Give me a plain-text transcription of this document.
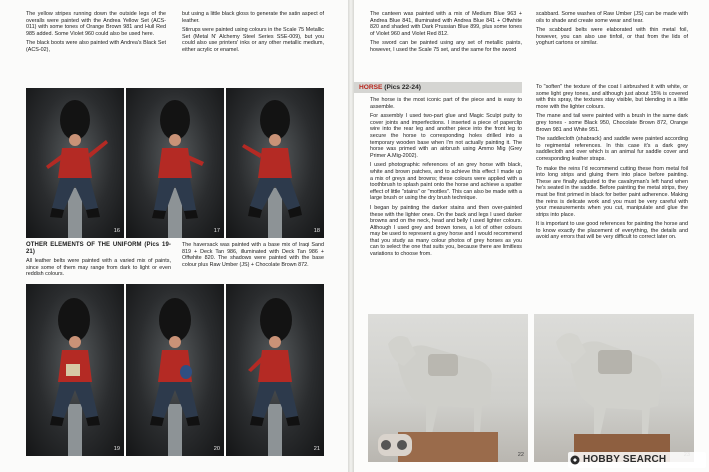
The yellow stripes running down the outside legs of the overalls were painted with the Andrea Yellow Set (ACS-011) with some tones of Orange Brown 981 and Hull Red 985 added. Some Violet 960 could also be used here.

The black boots were also painted with Andrea's Black Set (ACS-02),

but using a little black gloss to generate the satin aspect of leather.

Stirrups were painted using colours in the Scale 75 Metallic Set (Metal N' Alchemy Steel Series SSE-009), but you could also use printers' inks or any other metallic medium, either acrylic or enamel.

16	17	18

OTHER ELEMENTS OF THE UNIFORM (Pics 19-21)

All leather belts were painted with a varied mix of paints, since some of them may range from dark to light or even reddish colours.

The haversack was painted with a base mix of Iraqi Sand 819 + Deck Tan 986, illuminated with Deck Tan 986 + Offwhite 820. The shadows were painted with the base colour plus Raw Umber (JS) + Chocolate Brown 872.

19	20	21

The canteen was painted with a mix of Medium Blue 963 + Andrea Blue 841, illuminated with Andrea Blue 841 + Offwhite 820 and shaded with Dark Prussian Blue 899, plus some tones of Violet 960 and Violet Red 812.

The sword can be painted using any set of metallic paints, however, I used the Scale 75 set, and the same for the sword

scabbard. Some washes of Raw Umber (JS) can be made with oils to shade and create some wear and tear.

The scabbard belts were elaborated with thin metal foil, however, you can also use tinfoil, or that from the lids of yoghurt cartons or similar.

HORSE (Pics 22-24)

The horse is the most iconic part of the piece and is easy to assemble.

For assembly I used two-part glue and Magic Sculpt putty to cover joints and imperfections. I inserted a piece of paperclip wire into the rear leg and another piece into the front leg to secure the horse to corresponding holes drilled into a temporary wooden base when I'm not actually painting it. The horse was primed with an airbrush using Ammo Mig (Grey Primer A.Mig-2002).

I used photographic references of an grey horse with black, white and brown patches, and to achieve this effect I made up a mix of greys and browns; these colours were applied with a toothbrush to splash paint onto the horse and achieve a spatter effect of little "stains" or "mottles". This can also be made with a large brush or using the dry brush technique.

I began by painting the darker stains and then over-painted these with the lighter ones. On the back and legs I used darker browns and on the neck, head and belly I used lighter colours. Although I used grey and brown tones, a lot of other colours may be used to represent a grey horse and I would recommend that you study as many colour photos of grey horses as you can to select the one that suits you, because there are limitless variations to choose from.

To "soften" the texture of the coat I airbrushed it with white, or some light grey tones, and although just about 15% is covered with this spray, the textures stay visible, but blending in a little more with the lighter colours.

The mane and tail were painted with a brush in the same dark grey tones - some Black 950, Chocolate Brown 872, Orange Brown 981 and White 951.

The saddlecloth (shabrack) and saddle were painted according to regimental references. In this case it's a dark grey saddlecloth and over which is an animal fur saddle cover and corresponding leather straps.

To make the reins I'd recommend cutting these from metal foil into long strips and gluing them into place before painting. These are finally adjusted to the cavalryman's left hand when he's seated in the saddle. Before painting the metal strips, they must be first primed in black for better paint adherence. Making the reins is delicate work and you must be very careful with your measurements when you cut, manipulate and glue the strips into place.

It is important to use good references for painting the horse and to know exactly the placement of everything, the details and avoid any errors that will be very difficult to correct later on.

22	HOBBY SEARCH
